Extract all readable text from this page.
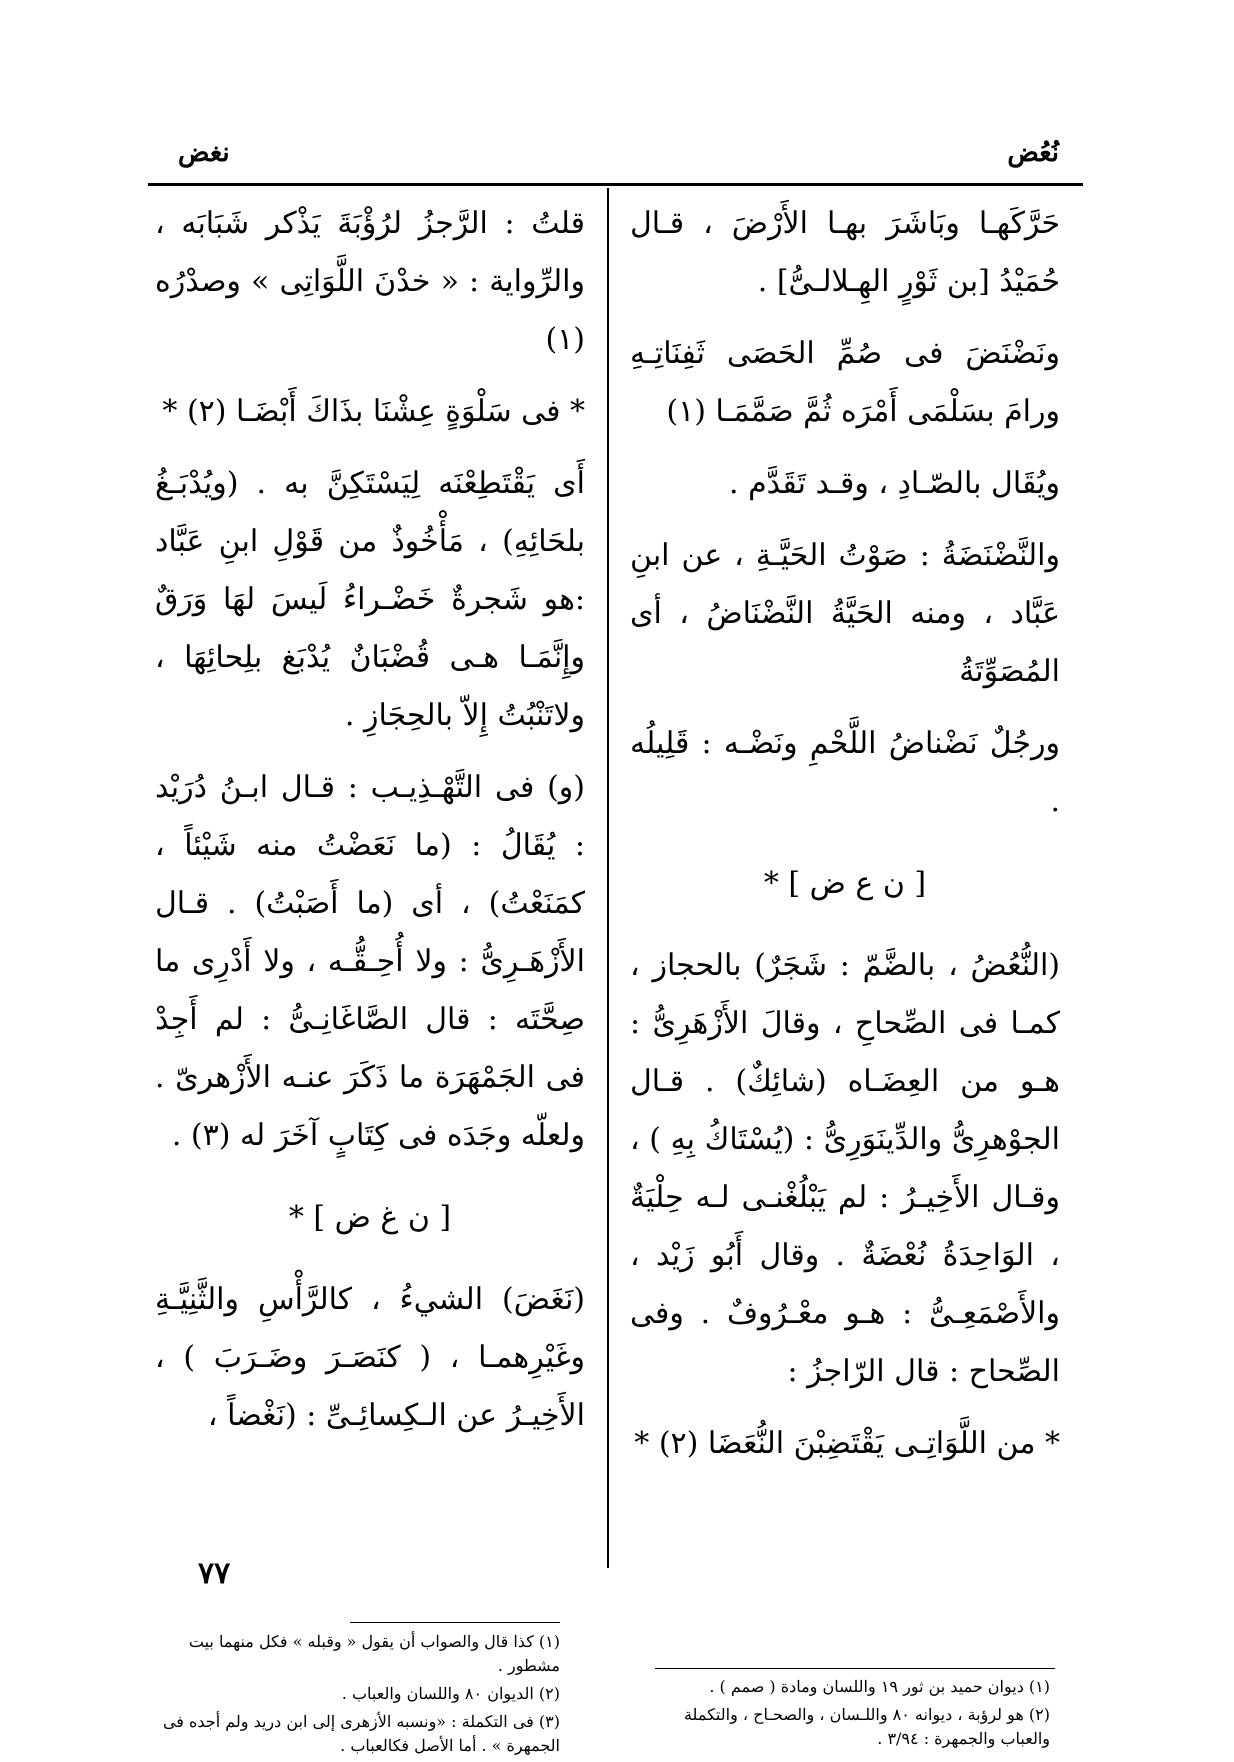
نُعُض
نغض

حَرَّكَهـا وبَاشَرَ بهـا الأَرْضَ ، قـال حُمَيْدُ [بن ثَوْرٍ الهِـلالـىُّ] .

ونَضْنَضَ فى صُمِّ الحَصَى ثَفِنَاتِـهِ ورامَ بسَلْمَى أَمْرَه ثُمَّ صَمَّمَـا (١)

ويُقَال بالصّـادِ ، وقـد تَقَدَّم .

والنَّضْنَضَةُ : صَوْتُ الحَيَّـةِ ، عن ابنِ عَبَّاد ، ومنه الحَيَّةُ النَّضْنَاضُ ، أى المُصَوِّتَةُ

ورجُلٌ نَضْناضُ اللَّحْمِ ونَضْـه : قَلِيلُه .

[ ن ع ض ] *

(النُّعُضُ ، بالضَّمّ : شَجَرٌ) بالحجاز ، كمـا فى الصِّحاحِ ، وقالَ الأَزْهَرِىُّ : هـو من العِضَـاه (شائِكٌ) . قـال الجوْهرِىُّ والدِّينَوَرِىُّ : (يُسْتَاكُ بِهِ ) ، وقـال الأَخِيـرُ : لم يَبْلُغْنـى لـه حِلْيَةٌ ، الوَاحِدَةُ نُعْضَةٌ . وقال أَبُو زَيْد ، والأَصْمَعِـىُّ : هـو معْـرُوفٌ . وفى الصِّحاح : قال الرّاجزُ :

* من اللَّوَاتِـى يَقْتَضِبْنَ النُّعَضَا (٢) *

قلتُ : الرَّجزُ لرُؤْبَةَ يَذْكر شَبَابَه ، والرِّواية : « خدْنَ اللَّوَاتِى » وصدْرُه (١)

* فى سَلْوَةٍ عِشْنَا بذَاكَ أَبْضَـا (٢) *

أَى يَقْتَطِعْنَه لِيَسْتَكِنَّ به . (ويُدْبَـغُ بلحَائِهِ) ، مَأْخُوذٌ من قَوْلِ ابنِ عَبَّاد :هو شَجرةٌ خَضْـراءُ لَيسَ لهَا وَرَقٌ وإِنَّمَـا هـى قُضْبَانٌ يُدْبَغ بلِحائِهَا ، ولاتَنْبُتُ إِلاّ بالحِجَازِ .

(و) فى التَّهْـذِيـب : قـال ابـنُ دُرَيْد : يُقَالُ : (ما نَعَضْتُ منه شَيْئاً ، كمَنَعْتُ) ، أى (ما أَصَبْتُ) . قـال الأَزْهَـرِىُّ : ولا أُحِـقُّـه ، ولا أَدْرِى ما صِحَّتَه : قال الصَّاغَانِـىُّ : لم أَجِدْ فى الجَمْهَرَة ما ذَكَرَ عنـه الأَزْهرىّ . ولعلّه وجَدَه فى كِتَابٍ آخَرَ له (٣) .

[ ن غ ض ] *

(نَغَضَ) الشيءُ ، كالرَّأْسِ والثَّنِيَّـةِ وغَيْرِهمـا ، ( كنَصَـرَ وضَـرَبَ ) ، الأَخِيـرُ عن الـكِسائِـىِّ : (نَغْضاً ،

(١) ديوان حميد بن ثور ١٩ واللسان ومادة ( صمم ) .

(٢) هو لرؤبة ، ديوانه ٨٠ واللـسان ، والصحـاح ، والتكملة والعباب والجمهرة : ٣/٩٤ .

(١) كذا قال والصواب أن يقول « وقبله » فكل منهما بيت مشطور .

(٢) الديوان ٨٠ واللسان والعباب .

(٣) فى التكملة : «ونسبه الأزهرى إلى ابن دريد ولم أجده فى الجمهرة » . أما الأصل فكالعباب .

٧٧
